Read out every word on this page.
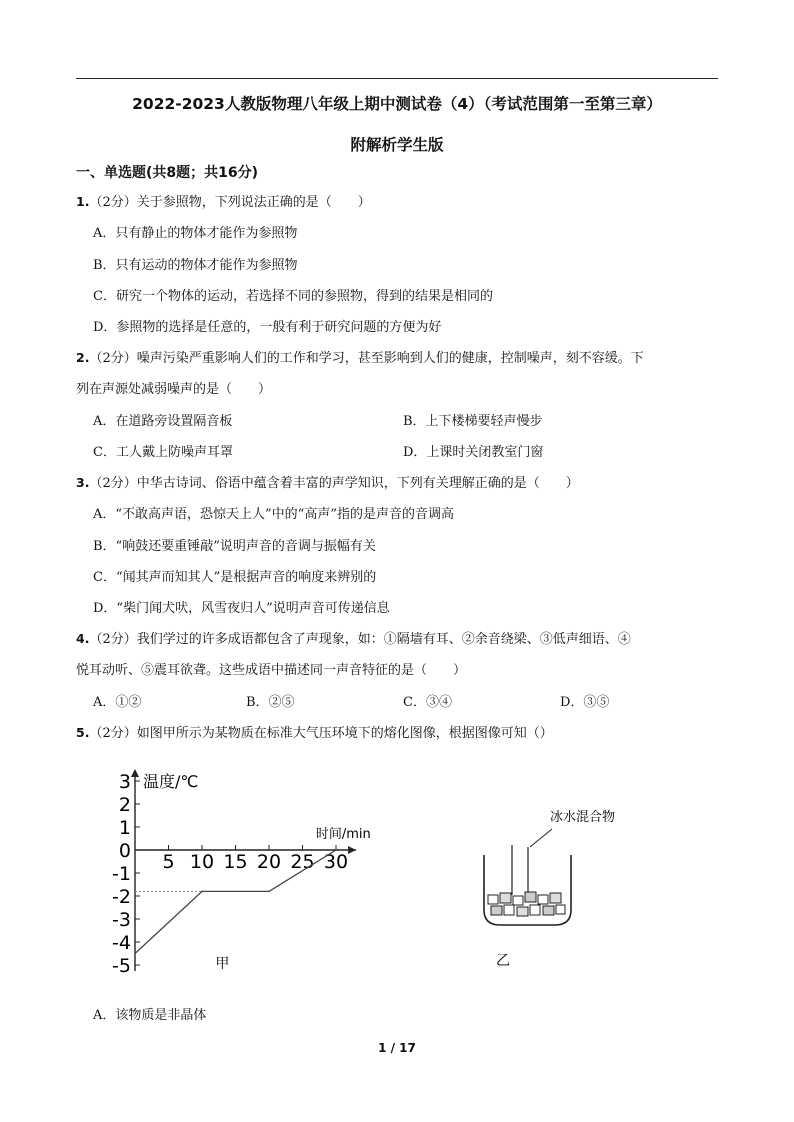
2022-2023人教版物理八年级上期中测试卷（4）（考试范围第一至第三章）
附解析学生版
一、单选题(共8题；共16分)
1.（2分）关于参照物，下列说法正确的是（　　）
A．只有静止的物体才能作为参照物
B．只有运动的物体才能作为参照物
C．研究一个物体的运动，若选择不同的参照物，得到的结果是相同的
D．参照物的选择是任意的，一般有利于研究问题的方便为好
2.（2分）噪声污染严重影响人们的工作和学习，甚至影响到人们的健康，控制噪声，刻不容缓。下
列在声源处减弱噪声的是（　　）
A．在道路旁设置隔音板	B．上下楼梯要轻声慢步
C．工人戴上防噪声耳罩	D．上课时关闭教室门窗
3.（2分）中华古诗词、俗语中蕴含着丰富的声学知识，下列有关理解正确的是（　　）
A．“不敢高声语，恐惊天上人”中的“高声”指的是声音的音调高
B．“响鼓还要重锤敲”说明声音的音调与振幅有关
C．“闻其声而知其人”是根据声音的响度来辨别的
D．“柴门闻犬吠，风雪夜归人”说明声音可传递信息
4.（2分）我们学过的许多成语都包含了声现象，如：①隔墙有耳、②余音绕梁、③低声细语、④
悦耳动听、⑤震耳欲聋。这些成语中描述同一声音特征的是（　　）
A．①②	B．②⑤	C．③④	D．③⑤
5.（2分）如图甲所示为某物质在标准大气压环境下的熔化图像，根据图像可知（）
3
2
1
0
-1
-2
-3
-4
-5
5 10 15 20 25 30
温度/℃
时间/min
甲
冰水混合物
乙
A．该物质是非晶体
1 / 17
